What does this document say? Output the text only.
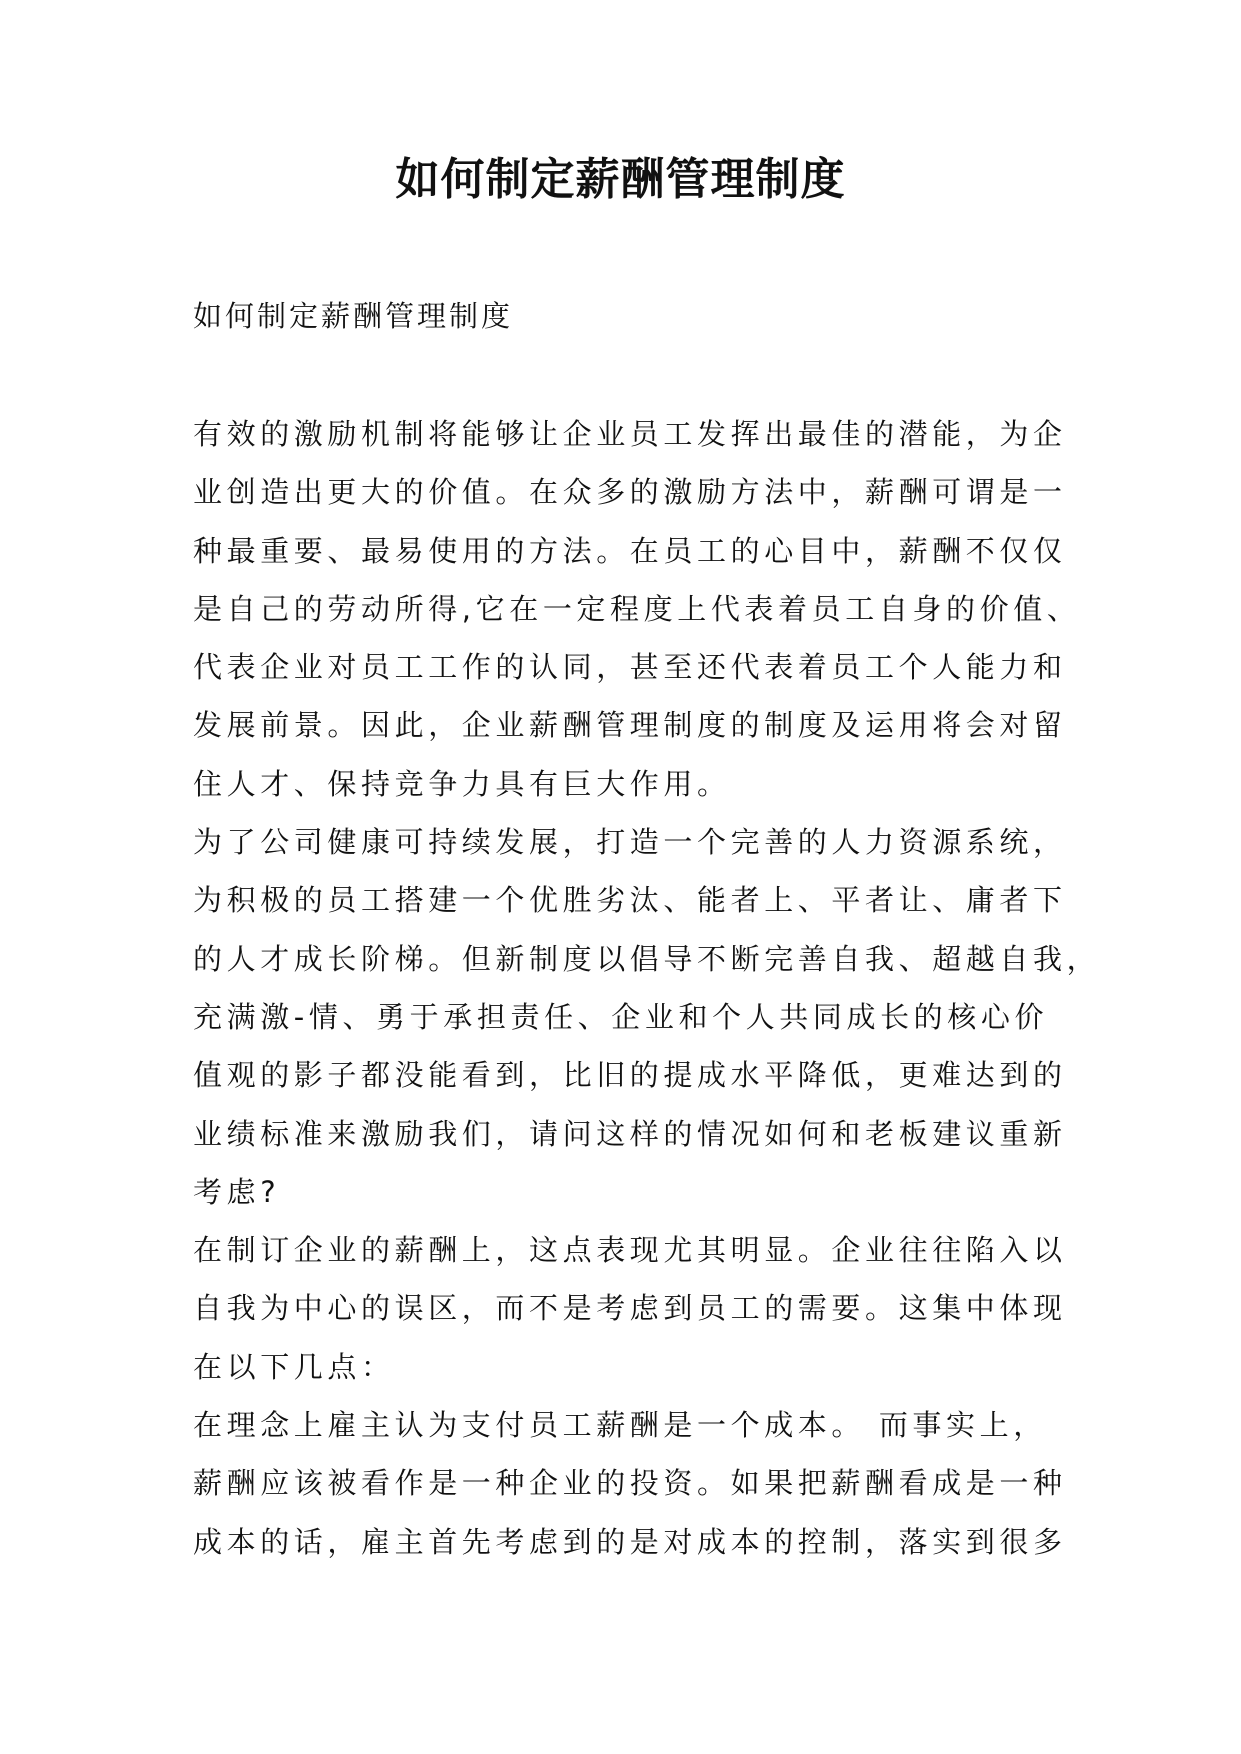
如何制定薪酬管理制度
如何制定薪酬管理制度
有效的激励机制将能够让企业员工发挥出最佳的潜能，为企
业创造出更大的价值。在众多的激励方法中，薪酬可谓是一
种最重要、最易使用的方法。在员工的心目中，薪酬不仅仅
是自己的劳动所得,它在一定程度上代表着员工自身的价值、
代表企业对员工工作的认同，甚至还代表着员工个人能力和
发展前景。因此，企业薪酬管理制度的制度及运用将会对留
住人才、保持竞争力具有巨大作用。
为了公司健康可持续发展，打造一个完善的人力资源系统，
为积极的员工搭建一个优胜劣汰、能者上、平者让、庸者下
的人才成长阶梯。但新制度以倡导不断完善自我、超越自我，
充满激-情、勇于承担责任、企业和个人共同成长的核心价
值观的影子都没能看到，比旧的提成水平降低，更难达到的
业绩标准来激励我们，请问这样的情况如何和老板建议重新
考虑?
在制订企业的薪酬上，这点表现尤其明显。企业往往陷入以
自我为中心的误区，而不是考虑到员工的需要。这集中体现
在以下几点：
在理念上雇主认为支付员工薪酬是一个成本。 而事实上，
薪酬应该被看作是一种企业的投资。如果把薪酬看成是一种
成本的话，雇主首先考虑到的是对成本的控制，落实到很多
